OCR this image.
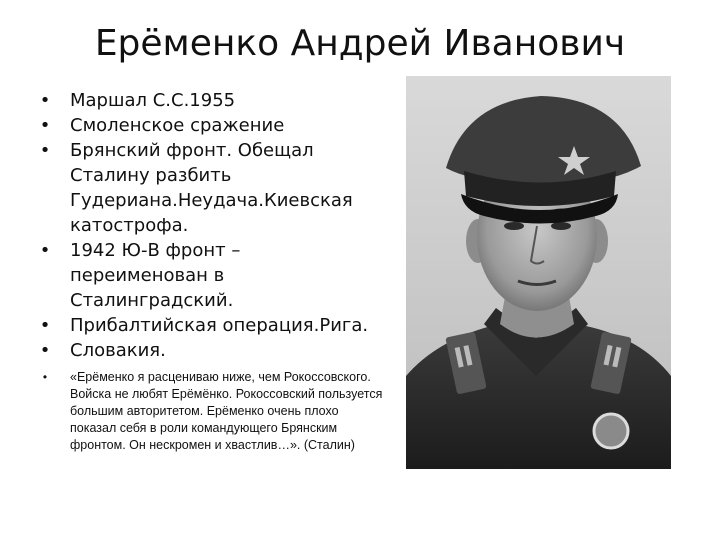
Ерёменко Андрей Иванович
• Маршал С.С.1955
• Смоленское сражение
• Брянский фронт. Обещал Сталину разбить Гудериана.Неудача.Киевская катострофа.
• 1942 Ю-В фронт – переименован в Сталинградский.
• Прибалтийская операция.Рига.
• Словакия.
•	«Ерёменко я расцениваю ниже, чем Рокоссовского. Войска не любят Ерёмёнко. Рокоссовский пользуется большим авторитетом. Ерёменко очень плохо показал себя в роли командующего Брянским фронтом. Он нескромен и хвастлив…». (Сталин)
